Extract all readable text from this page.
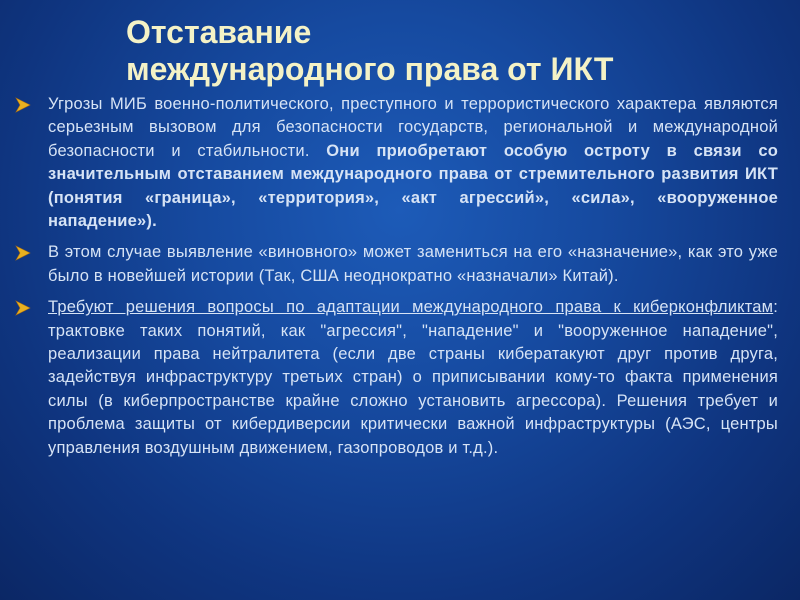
Отставание
международного права от ИКТ
Угрозы МИБ военно-политического, преступного и террористического характера являются серьезным вызовом для безопасности государств, региональной и международной безопасности и стабильности. Они приобретают особую остроту в связи со значительным отставанием международного права от стремительного развития ИКТ (понятия «граница», «территория», «акт агрессий», «сила», «вооруженное нападение»).
В этом случае выявление «виновного» может замениться на его «назначение», как это уже было в новейшей истории (Так, США неоднократно «назначали» Китай).
Требуют решения вопросы по адаптации международного права к киберконфликтам: трактовке таких понятий, как "агрессия", "нападение" и "вооруженное нападение", реализации права нейтралитета (если две страны кибератакуют друг против друга, задействуя инфраструктуру третьих стран) о приписывании кому-то факта применения силы (в киберпространстве крайне сложно установить агрессора). Решения требует и проблема защиты от кибердиверсии критически важной инфраструктуры (АЭС, центры управления воздушным движением, газопроводов и т.д.).
